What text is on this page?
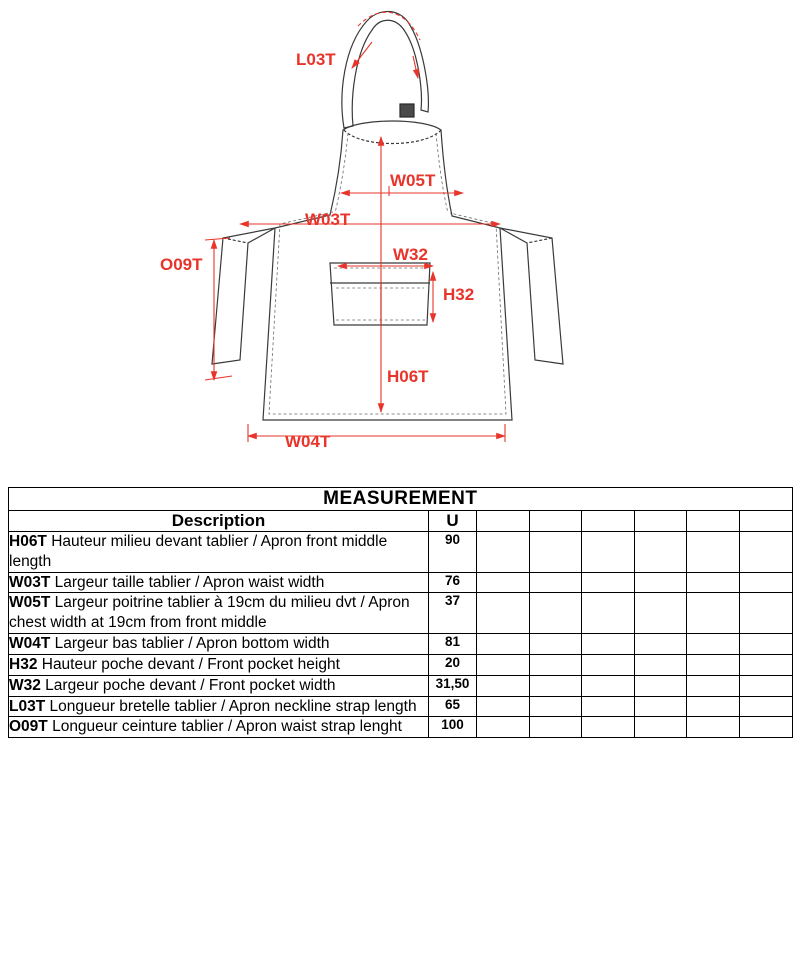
L03T
W05T
W03T
O09T
W32
H32
H06T
W04T
MEASUREMENT							
Description	U						
H06T Hauteur milieu devant tablier / Apron front middle length	90						
W03T Largeur taille tablier / Apron waist width	76						
W05T Largeur poitrine tablier à 19cm du milieu dvt / Apron chest width at 19cm from front middle	37						
W04T Largeur bas tablier / Apron bottom width	81						
H32 Hauteur poche devant / Front pocket height	20						
W32 Largeur poche devant / Front pocket width	31,50						
L03T Longueur bretelle tablier / Apron neckline strap length	65						
O09T Longueur ceinture tablier / Apron waist strap lenght	100						
